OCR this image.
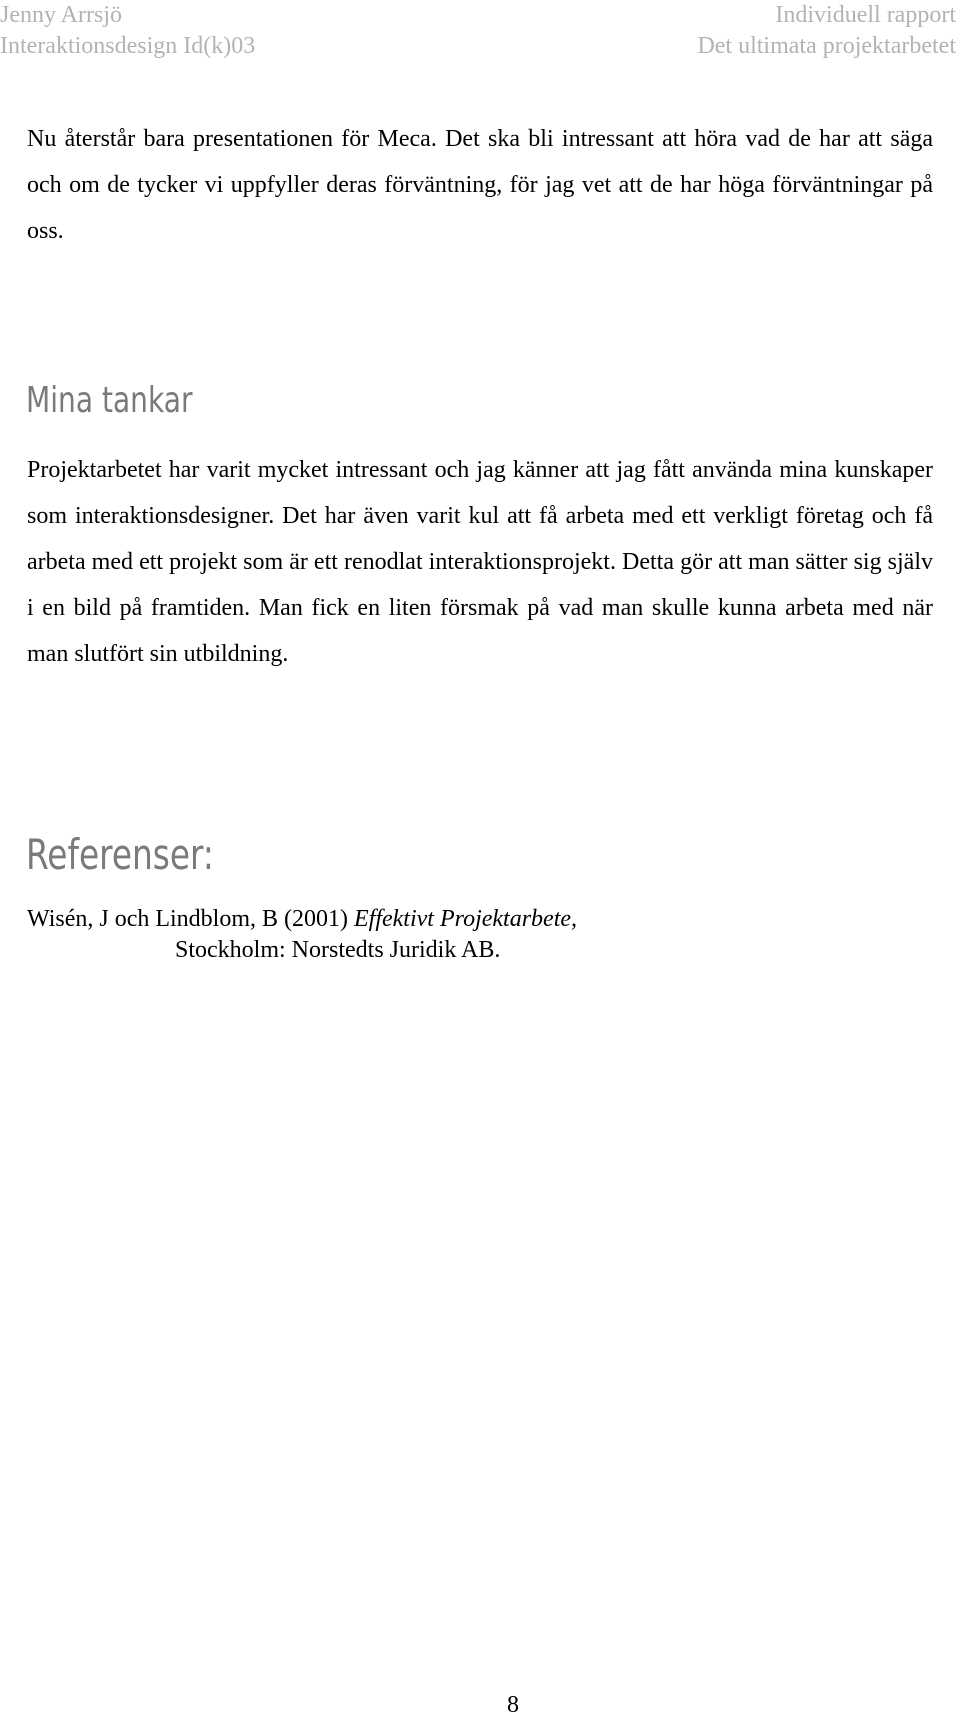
Jenny Arrsjö
Interaktionsdesign Id(k)03
Individuell rapport
Det ultimata projektarbetet

Nu återstår bara presentationen för Meca. Det ska bli intressant att höra vad de har att säga och om de tycker vi uppfyller deras förväntning, för jag vet att de har höga förväntningar på oss.

Mina tankar

Projektarbetet har varit mycket intressant och jag känner att jag fått använda mina kunskaper som interaktionsdesigner. Det har även varit kul att få arbeta med ett verkligt företag och få arbeta med ett projekt som är ett renodlat interaktionsprojekt. Detta gör att man sätter sig själv i en bild på framtiden. Man fick en liten försmak på vad man skulle kunna arbeta med när man slutfört sin utbildning.

Referenser:
Wisén, J och Lindblom, B (2001) Effektivt Projektarbete,
Stockholm: Norstedts Juridik AB.
8
